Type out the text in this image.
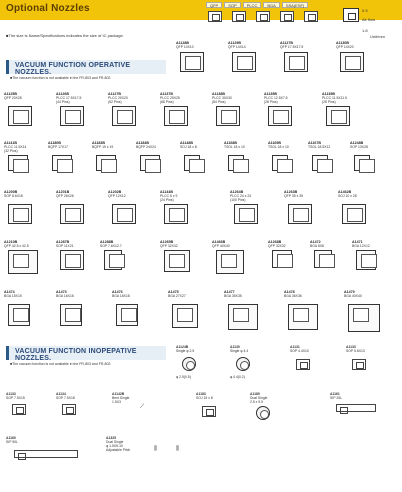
Optional Nozzles	QFP	SOP	PLCC	BGA	SSA(ESF)
0.9
Air flow
1.8
Unit/mm
■The size is Name/Specifications indicates the size of IC package.
VACUUM FUNCTION OPERATIVE NOZZLES.
■The vacuum function is not available in the FR-803 and FR-802.
A1128B
QFP 10X10
A1129B
QFP 14X14
A1127B
QFP 17.5X17.5
A1130B
QFP 14X20
A1125B
QFP 20X28
A1126B
PLCC 17.5X17.5
(44 Pins)
A1127B
PLCC 20X20
(52 Pins)
A1137B
PLCC 25X25
(68 Pins)
A1138B
PLCC 30X30
(84 Pins)
A1139B
PLCC 12.5X7.5
(28 Pins)
A1139B
PLCC 11.5X11.5
(28 Pins)
A1141B
PLCC 11.5X14
(32 Pins)
A1180B
BQFP 17X17
A1183B
BQFP 19 x 19
A1184B
BQFP 24X24
A1148B
SOJ 18 x 8
A1168B
TSOL 18 x 10
A1169B
TSOL 18 x 10
A1167B
TSOL 18.5X12
A1248B
SOP 13X28
A1200B
SOP 8.6X18
A1201B
QFP 26X26
A1202B
QFP 12X12
A1144B
PLCC 6 x 9
(24 Pins)
A1264B
PLCC 24 x 24
(100 Pins)
A1263B
QFP 35 x 35
A1462B
SOJ 10 x 28
A1210B
QFP 42.5 x 42.5
A1287B
SOP 11X21
A1288B
SOP 7.6X12.7
A1265B
QFP 32X32
A1466B
QFP 40X40
A1268B
QFP 32X32
A1472
BGA 8X8
A1471
BGA 12X12
A1474
BGA 15X15
A1473
BGA 16X16
A1476
BGA 18X18
A1475
BGA 27X27
A1477
BGA 35X35
A1478
BGA 36X36
A1479
BGA 40X40
VACUUM FUNCTION INOPEPATIVE NOZZLES.
■The vacuum function is not available in the FR-803 and FR-802.
A1124B
Single φ 2.5
φ 2.5(0.5)
A1130
Single φ 4.4
φ 4.4(0.2)
A1131
SOP 4.4X10
A1133
SOP 5.6X13
A1133
SOP 7.5X15
A1134
SOP 7.5X18
A1142B
Bent Single
1.5X3
⟋
A1183
SOJ 15 x 8
A1189
Dual Single
2.5 x 9.5
A1161
SIP 25L
A1160
SIP 50L
A1325
Dual Single
φ 1.5X5-10
Adjustable Pitch	⫼	⫼
